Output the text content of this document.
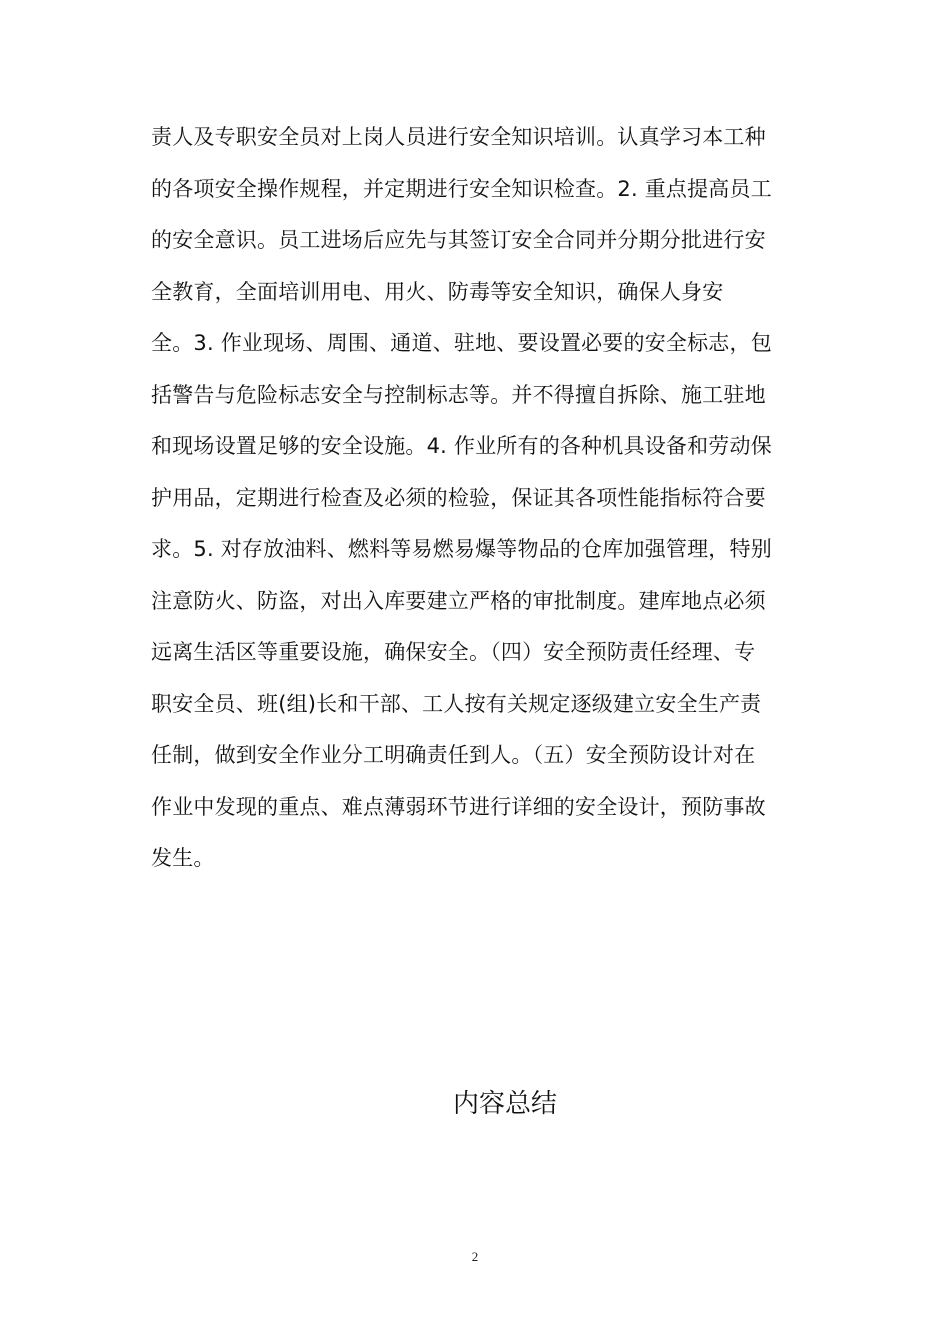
责人及专职安全员对上岗人员进行安全知识培训。认真学习本工种
的各项安全操作规程，并定期进行安全知识检查。2. 重点提高员工
的安全意识。员工进场后应先与其签订安全合同并分期分批进行安
全教育，全面培训用电、用火、防毒等安全知识，确保人身安
全。3. 作业现场、周围、通道、驻地、要设置必要的安全标志，包
括警告与危险标志安全与控制标志等。并不得擅自拆除、施工驻地
和现场设置足够的安全设施。4. 作业所有的各种机具设备和劳动保
护用品，定期进行检查及必须的检验，保证其各项性能指标符合要
求。5. 对存放油料、燃料等易燃易爆等物品的仓库加强管理，特别
注意防火、防盗，对出入库要建立严格的审批制度。建库地点必须
远离生活区等重要设施，确保安全。（四）安全预防责任经理、专
职安全员、班(组)长和干部、工人按有关规定逐级建立安全生产责
任制，做到安全作业分工明确责任到人。（五）安全预防设计对在
作业中发现的重点、难点薄弱环节进行详细的安全设计，预防事故
发生。
内容总结
2
